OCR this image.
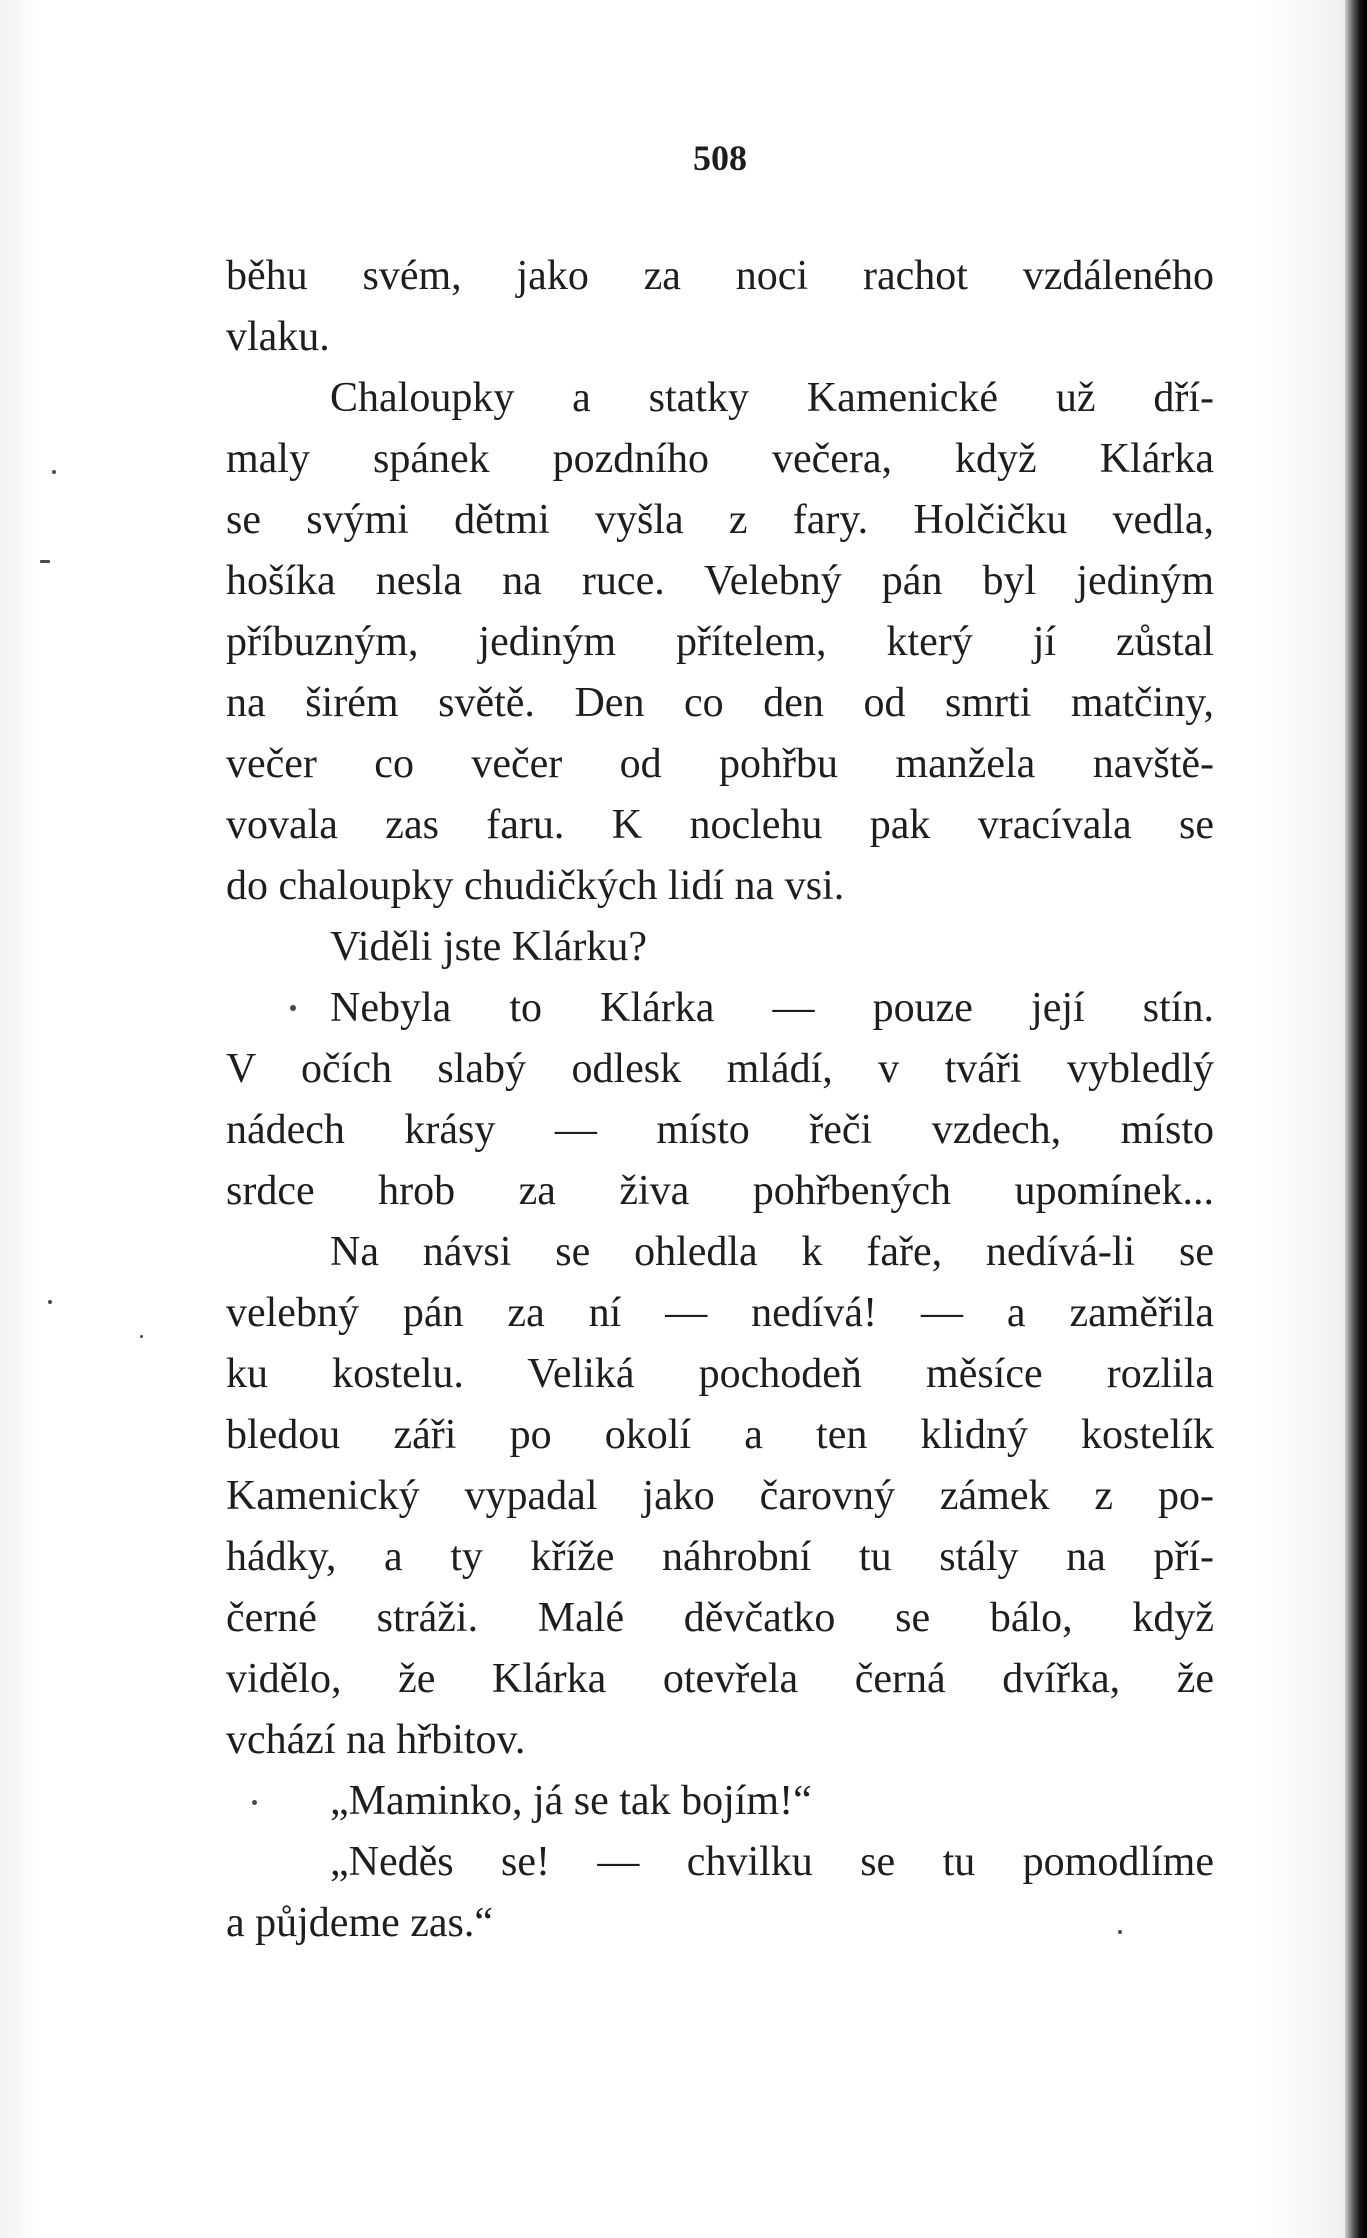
508
běhu svém, jako za noci rachot vzdáleného
vlaku.
Chaloupky a statky Kamenické už dří-
maly spánek pozdního večera, když Klárka
se svými dětmi vyšla z fary. Holčičku vedla,
hošíka nesla na ruce. Velebný pán byl jediným
příbuzným, jediným přítelem, který jí zůstal
na širém světě. Den co den od smrti matčiny,
večer co večer od pohřbu manžela navště-
vovala zas faru. K noclehu pak vracívala se
do chaloupky chudičkých lidí na vsi.
Viděli jste Klárku?
Nebyla to Klárka — pouze její stín.
V očích slabý odlesk mládí, v tváři vybledlý
nádech krásy — místo řeči vzdech, místo
srdce hrob za živa pohřbených upomínek...
Na návsi se ohledla k faře, nedívá-li se
velebný pán za ní — nedívá! — a zaměřila
ku kostelu. Veliká pochodeň měsíce rozlila
bledou záři po okolí a ten klidný kostelík
Kamenický vypadal jako čarovný zámek z po-
hádky, a ty kříže náhrobní tu stály na pří-
černé stráži. Malé děvčatko se bálo, když
vidělo, že Klárka otevřela černá dvířka, že
vchází na hřbitov.
„Maminko, já se tak bojím!“
„Neděs se! — chvilku se tu pomodlíme
a půjdeme zas.“
